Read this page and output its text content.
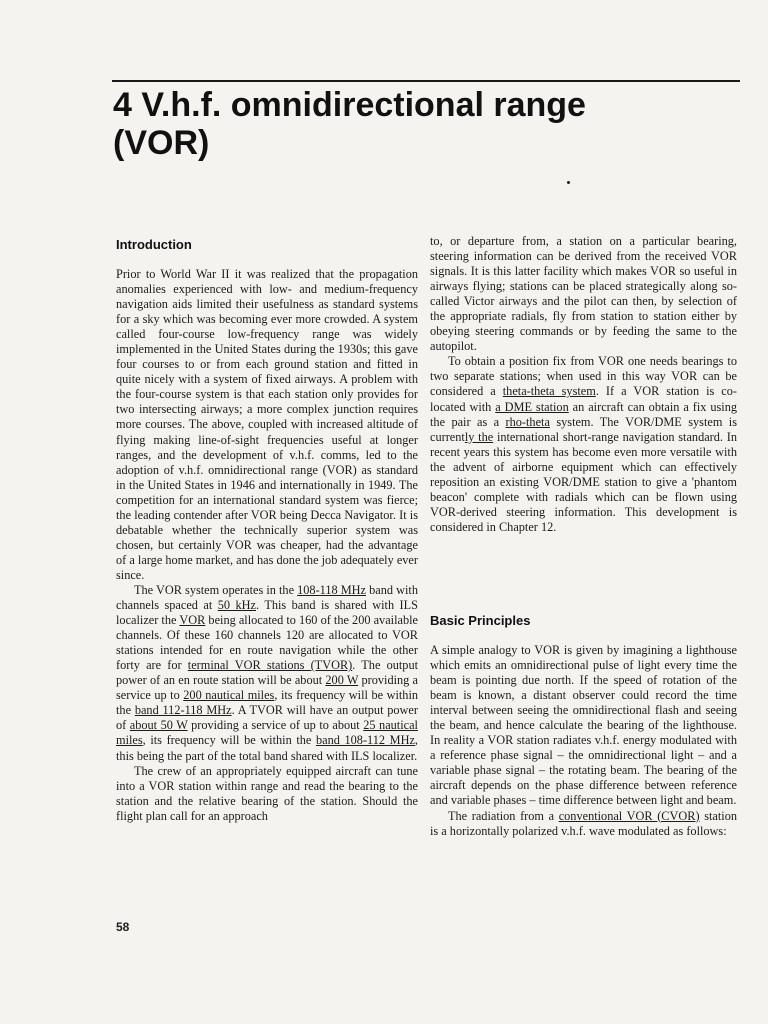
4 V.h.f. omnidirectional range
(VOR)
Introduction

Prior to World War II it was realized that the propagation anomalies experienced with low- and medium-frequency navigation aids limited their usefulness as standard systems for a sky which was becoming ever more crowded. A system called four-course low-frequency range was widely implemented in the United States during the 1930s; this gave four courses to or from each ground station and fitted in quite nicely with a system of fixed airways. A problem with the four-course system is that each station only provides for two intersecting airways; a more complex junction requires more courses. The above, coupled with increased altitude of flying making line-of-sight frequencies useful at longer ranges, and the development of v.h.f. comms, led to the adoption of v.h.f. omnidirectional range (VOR) as standard in the United States in 1946 and internationally in 1949. The competition for an international standard system was fierce; the leading contender after VOR being Decca Navigator. It is debatable whether the technically superior system was chosen, but certainly VOR was cheaper, had the advantage of a large home market, and has done the job adequately ever since.

The VOR system operates in the 108-118 MHz band with channels spaced at 50 kHz. This band is shared with ILS localizer the VOR being allocated to 160 of the 200 available channels. Of these 160 channels 120 are allocated to VOR stations intended for en route navigation while the other forty are for terminal VOR stations (TVOR). The output power of an en route station will be about 200 W providing a service up to 200 nautical miles, its frequency will be within the band 112-118 MHz. A TVOR will have an output power of about 50 W providing a service of up to about 25 nautical miles, its frequency will be within the band 108-112 MHz, this being the part of the total band shared with ILS localizer.

The crew of an appropriately equipped aircraft can tune into a VOR station within range and read the bearing to the station and the relative bearing of the station. Should the flight plan call for an approach

to, or departure from, a station on a particular bearing, steering information can be derived from the received VOR signals. It is this latter facility which makes VOR so useful in airways flying; stations can be placed strategically along so-called Victor airways and the pilot can then, by selection of the appropriate radials, fly from station to station either by obeying steering commands or by feeding the same to the autopilot.

To obtain a position fix from VOR one needs bearings to two separate stations; when used in this way VOR can be considered a theta-theta system. If a VOR station is co-located with a DME station an aircraft can obtain a fix using the pair as a rho-theta system. The VOR/DME system is currently the international short-range navigation standard. In recent years this system has become even more versatile with the advent of airborne equipment which can effectively reposition an existing VOR/DME station to give a 'phantom beacon' complete with radials which can be flown using VOR-derived steering information. This development is considered in Chapter 12.

Basic Principles

A simple analogy to VOR is given by imagining a lighthouse which emits an omnidirectional pulse of light every time the beam is pointing due north. If the speed of rotation of the beam is known, a distant observer could record the time interval between seeing the omnidirectional flash and seeing the beam, and hence calculate the bearing of the lighthouse. In reality a VOR station radiates v.h.f. energy modulated with a reference phase signal – the omnidirectional light – and a variable phase signal – the rotating beam. The bearing of the aircraft depends on the phase difference between reference and variable phases – time difference between light and beam.

The radiation from a conventional VOR (CVOR) station is a horizontally polarized v.h.f. wave modulated as follows:

58
